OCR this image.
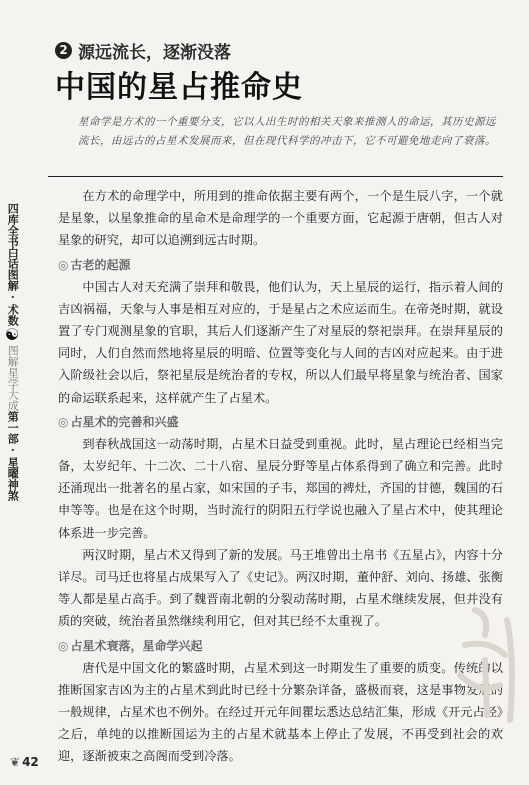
2 源远流长，逐渐没落
中国的星占推命史
星命学是方术的一个重要分支，它以人出生时的相关天象来推测人的命运，其历史源远流长，由远古的占星术发展而来，但在现代科学的冲击下，它不可避免地走向了衰落。
四库全书白话图解·术数
☯
图解星学大成
第一部·星曜神煞

在方术的命理学中，所用到的推命依据主要有两个，一个是生辰八字，一个就是星象，以星象推命的星命术是命理学的一个重要方面，它起源于唐朝，但古人对星象的研究，却可以追溯到远古时期。

◎ 古老的起源

中国古人对天充满了崇拜和敬畏，他们认为，天上星辰的运行，指示着人间的吉凶祸福，天象与人事是相互对应的，于是星占之术应运而生。在帝尧时期，就设置了专门观测星象的官职，其后人们逐渐产生了对星辰的祭祀崇拜。在崇拜星辰的同时，人们自然而然地将星辰的明暗、位置等变化与人间的吉凶对应起来。由于进入阶级社会以后，祭祀星辰是统治者的专权，所以人们最早将星象与统治者、国家的命运联系起来，这样就产生了占星术。

◎ 占星术的完善和兴盛

到春秋战国这一动荡时期，占星术日益受到重视。此时，星占理论已经相当完备，太岁纪年、十二次、二十八宿、星辰分野等星占体系得到了确立和完善。此时还涌现出一批著名的星占家，如宋国的子韦，郑国的裨灶，齐国的甘德，魏国的石申等等。也是在这个时期，当时流行的阴阳五行学说也融入了星占术中，使其理论体系进一步完善。

两汉时期，星占术又得到了新的发展。马王堆曾出土帛书《五星占》，内容十分详尽。司马迁也将星占成果写入了《史记》。两汉时期，董仲舒、刘向、扬雄、张衡等人都是星占高手。到了魏晋南北朝的分裂动荡时期，占星术继续发展，但并没有质的突破，统治者虽然继续利用它，但对其已经不太重视了。

◎ 占星术衰落，星命学兴起

唐代是中国文化的繁盛时期，占星术到这一时期发生了重要的质变。传统的以推断国家吉凶为主的占星术到此时已经十分繁杂详备，盛极而衰，这是事物发展的一般规律，占星术也不例外。在经过开元年间瞿坛悉达总结汇集，形成《开元占经》之后，单纯的以推断国运为主的占星术就基本上停止了发展，不再受到社会的欢迎，逐渐被束之高阁而受到冷落。

❦ 42
